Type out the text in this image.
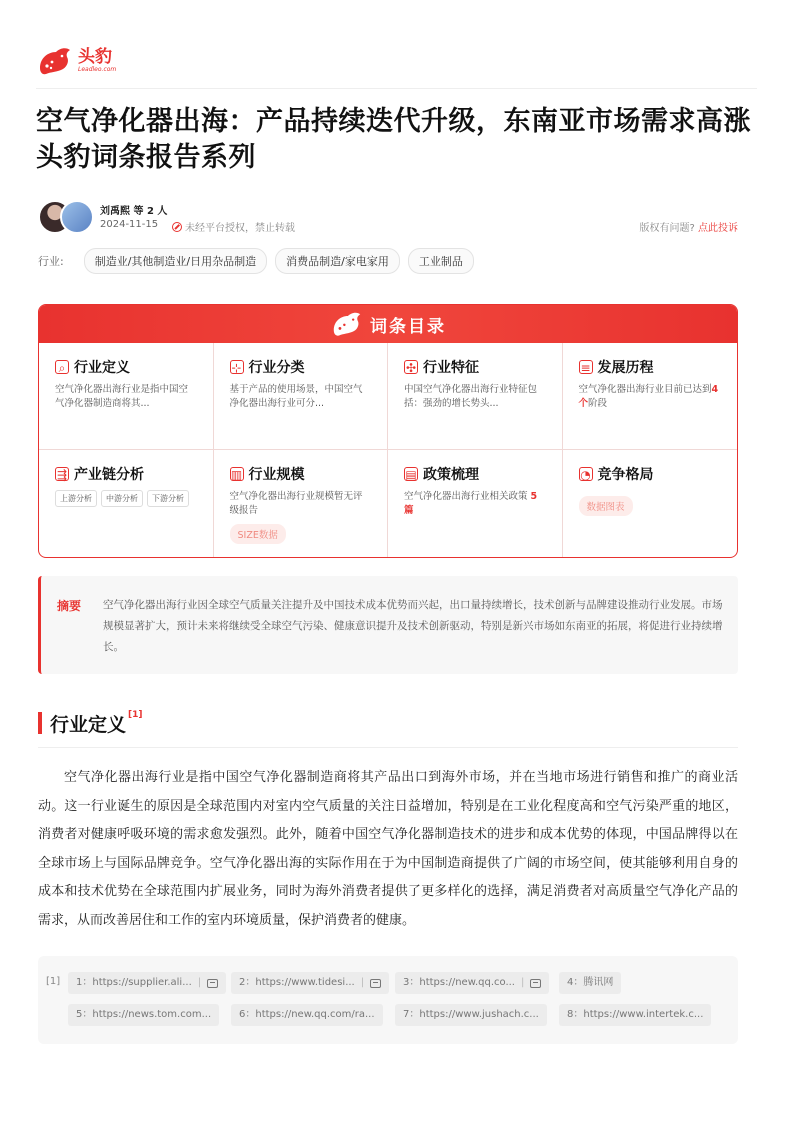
头豹
Leadleo.com
空气净化器出海：产品持续迭代升级，东南亚市场需求高涨 头豹词条报告系列
刘禹熙 等 2 人
2024-11-15	未经平台授权，禁止转载	版权有问题? 点此投诉
行业:	制造业/其他制造业/日用杂品制造	消费品制造/家电家用	工业制品
词条目录
⌕ 行业定义
空气净化器出海行业是指中国空气净化器制造商将其...
⊹ 行业分类
基于产品的使用场景，中国空气净化器出海行业可分...
✣ 行业特征
中国空气净化器出海行业特征包括：强劲的增长势头...
≡ 发展历程
空气净化器出海行业目前已达到4个阶段
⇶ 产业链分析
上游分析	中游分析	下游分析
▥ 行业规模
空气净化器出海行业规模暂无评级报告
SIZE数据
▤ 政策梳理
空气净化器出海行业相关政策 5篇
◔ 竞争格局
数据图表
摘要 空气净化器出海行业因全球空气质量关注提升及中国技术成本优势而兴起，出口量持续增长，技术创新与品牌建设推动行业发展。市场规模显著扩大，预计未来将继续受全球空气污染、健康意识提升及技术创新驱动，特别是新兴市场如东南亚的拓展，将促进行业持续增长。

行业定义 [1]

空气净化器出海行业是指中国空气净化器制造商将其产品出口到海外市场，并在当地市场进行销售和推广的商业活动。这一行业诞生的原因是全球范围内对室内空气质量的关注日益增加，特别是在工业化程度高和空气污染严重的地区，消费者对健康呼吸环境的需求愈发强烈。此外，随着中国空气净化器制造技术的进步和成本优势的体现，中国品牌得以在全球市场上与国际品牌竞争。空气净化器出海的实际作用在于为中国制造商提供了广阔的市场空间，使其能够利用自身的成本和技术优势在全球范围内扩展业务，同时为海外消费者提供了更多样化的选择，满足消费者对高质量空气净化产品的需求，从而改善居住和工作的室内环境质量，保护消费者的健康。

[1] 1：https://supplier.ali... |	2：https://www.tidesi... |	3：https://new.qq.co... |	4：腾讯网
5：https://news.tom.com...	6：https://new.qq.com/ra...	7：https://www.jushach.c...	8：https://www.intertek.c...
